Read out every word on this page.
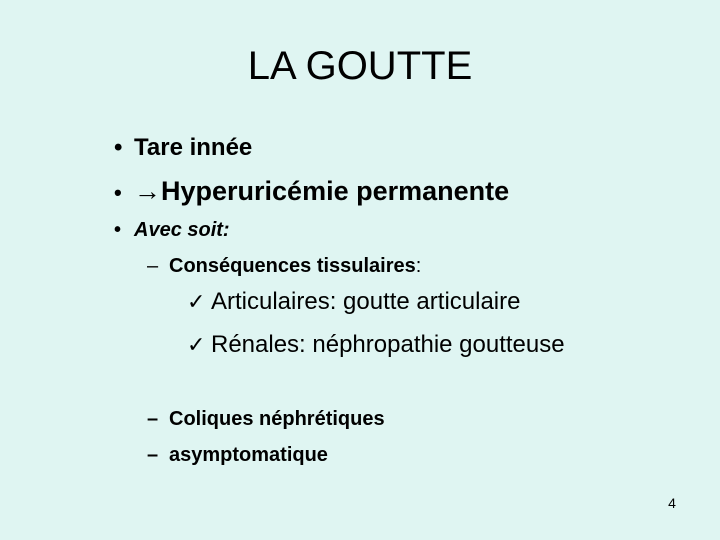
LA GOUTTE
• Tare innée
• →Hyperuricémie permanente
• Avec soit:
– Conséquences tissulaires:
✓ Articulaires: goutte articulaire
✓ Rénales: néphropathie goutteuse
– Coliques néphrétiques
– asymptomatique
4
